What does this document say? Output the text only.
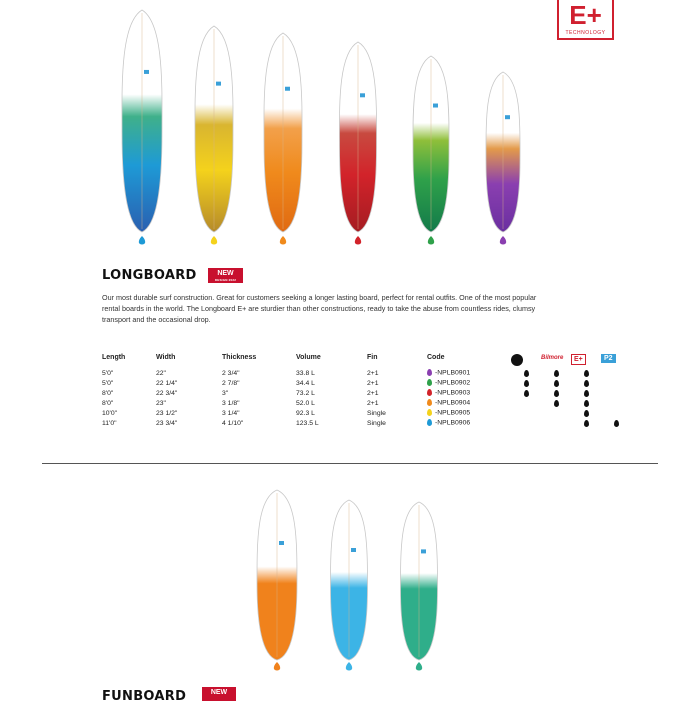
E+
TECHNOLOGY
LONGBOARD	NEW
DESIGN 2022
Our most durable surf construction. Great for customers seeking a longer lasting board, perfect for rental outfits. One of the most popular
rental boards in the world. The Longboard E+ are sturdier than other constructions, ready to take the abuse from countless rides, clumsy
transport and the occasional drop.
Length	Width	Thickness	Volume	Fin	Code		Bilmore	E+	P2
5'0"	22"	2 3/4"	33.8 L	2+1	-NPLB0901	

5'0"	22 1/4"	2 7/8"	34.4 L	2+1	-NPLB0902	

8'0"	22 3/4"	3"	73.2 L	2+1	-NPLB0903	

8'0"	23"	3 1/8"	52.0 L	2+1	-NPLB0904		

10'0"	23 1/2"	3 1/4"	92.3 L	Single	-NPLB0905			

11'0"	23 3/4"	4 1/10"	123.5 L	Single	-NPLB0906			

FUNBOARD	NEW
